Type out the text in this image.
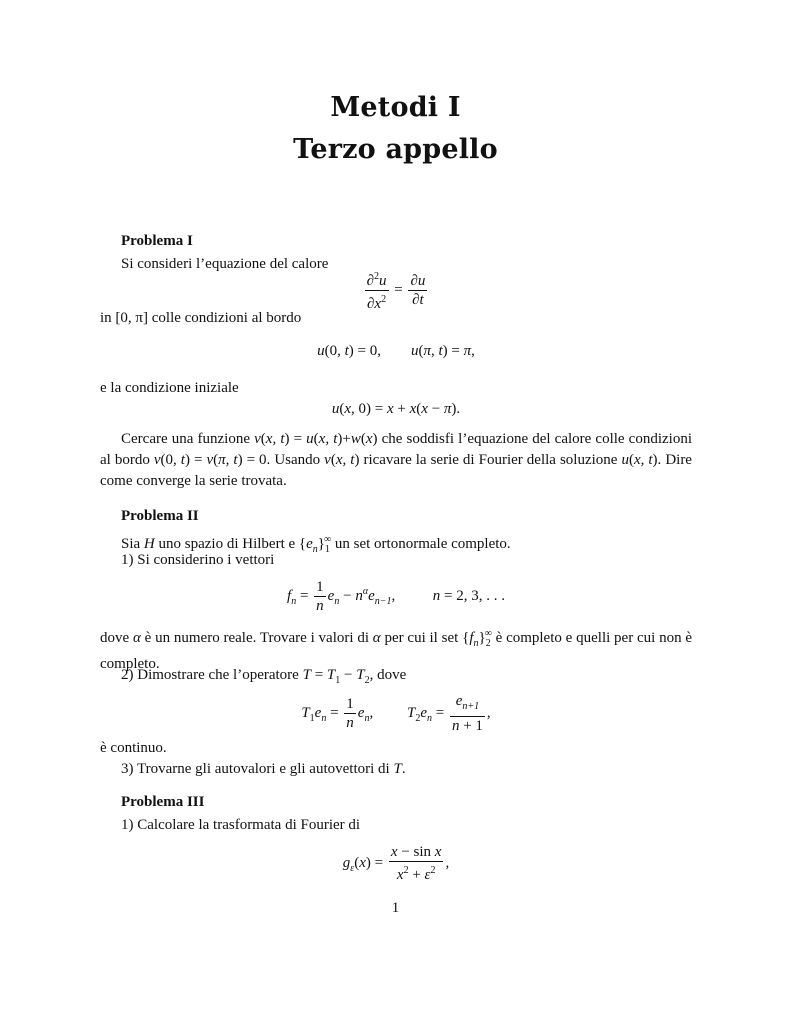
Metodi I
Terzo appello
Problema I
Si consideri l’equazione del calore
$\frac{\partial^2u}{\partial x^2} = \frac{\partial u}{\partial t}$
in [0, π] colle condizioni al bordo
u(0, t) = 0,        u(π, t) = π,
e la condizione iniziale
u(x, 0) = x + x(x − π).
Cercare una funzione v(x, t) = u(x, t)+w(x) che soddisfi l’equazione del calore colle condizioni al bordo v(0, t) = v(π, t) = 0. Usando v(x, t) ricavare la serie di Fourier della soluzione u(x, t). Dire come converge la serie trovata.
Problema II
Sia H uno spazio di Hilbert e $\{e_n\}_1^\infty$ un set ortonormale completo.
1) Si considerino i vettori
$f_n = \frac{1}{n} e_n - n^\alpha e_{n-1}$,          n = 2, 3, . . .
dove α è un numero reale. Trovare i valori di α per cui il set $\{f_n\}_2^\infty$ è completo e quelli per cui non è completo.
2) Dimostrare che l’operatore $T = T_1 - T_2$, dove
$T_1e_n = \frac{1}{n} e_n$,         $T_2e_n = \frac{e_{n+1}}{n + 1}$ ,
è continuo.
3) Trovarne gli autovalori e gli autovettori di T.
Problema III
1) Calcolare la trasformata di Fourier di
$g_\varepsilon(x) = \frac{\text{x − sin x}}{x^2 + \varepsilon^2}$ ,
1
